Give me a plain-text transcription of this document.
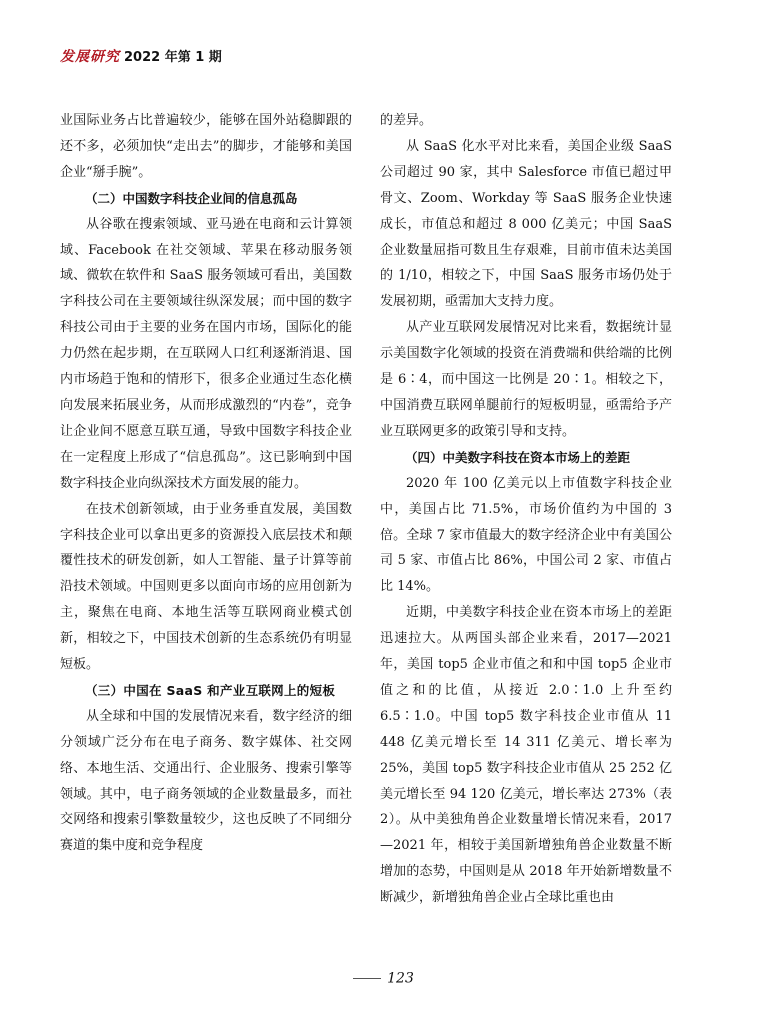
发展研究 2022 年第 1 期

业国际业务占比普遍较少，能够在国外站稳脚跟的还不多，必须加快“走出去”的脚步，才能够和美国企业“掰手腕”。

（二）中国数字科技企业间的信息孤岛

从谷歌在搜索领域、亚马逊在电商和云计算领域、Facebook 在社交领域、苹果在移动服务领域、微软在软件和 SaaS 服务领域可看出，美国数字科技公司在主要领域往纵深发展；而中国的数字科技公司由于主要的业务在国内市场，国际化的能力仍然在起步期，在互联网人口红利逐渐消退、国内市场趋于饱和的情形下，很多企业通过生态化横向发展来拓展业务，从而形成激烈的“内卷”，竞争让企业间不愿意互联互通，导致中国数字科技企业在一定程度上形成了“信息孤岛”。这已影响到中国数字科技企业向纵深技术方面发展的能力。

在技术创新领域，由于业务垂直发展，美国数字科技企业可以拿出更多的资源投入底层技术和颠覆性技术的研发创新，如人工智能、量子计算等前沿技术领域。中国则更多以面向市场的应用创新为主，聚焦在电商、本地生活等互联网商业模式创新，相较之下，中国技术创新的生态系统仍有明显短板。

（三）中国在 SaaS 和产业互联网上的短板

从全球和中国的发展情况来看，数字经济的细分领域广泛分布在电子商务、数字媒体、社交网络、本地生活、交通出行、企业服务、搜索引擎等领域。其中，电子商务领域的企业数量最多，而社交网络和搜索引擎数量较少，这也反映了不同细分赛道的集中度和竞争程度

的差异。

从 SaaS 化水平对比来看，美国企业级 SaaS 公司超过 90 家，其中 Salesforce 市值已超过甲骨文、Zoom、Workday 等 SaaS 服务企业快速成长，市值总和超过 8 000 亿美元；中国 SaaS 企业数量屈指可数且生存艰难，目前市值未达美国的 1/10，相较之下，中国 SaaS 服务市场仍处于发展初期，亟需加大支持力度。

从产业互联网发展情况对比来看，数据统计显示美国数字化领域的投资在消费端和供给端的比例是 6∶4，而中国这一比例是 20∶1。相较之下，中国消费互联网单腿前行的短板明显，亟需给予产业互联网更多的政策引导和支持。

（四）中美数字科技在资本市场上的差距

2020 年 100 亿美元以上市值数字科技企业中，美国占比 71.5%，市场价值约为中国的 3 倍。全球 7 家市值最大的数字经济企业中有美国公司 5 家、市值占比 86%，中国公司 2 家、市值占比 14%。

近期，中美数字科技企业在资本市场上的差距迅速拉大。从两国头部企业来看，2017—2021 年，美国 top5 企业市值之和和中国 top5 企业市值之和的比值，从接近 2.0∶1.0 上升至约 6.5∶1.0。中国 top5 数字科技企业市值从 11 448 亿美元增长至 14 311 亿美元、增长率为 25%，美国 top5 数字科技企业市值从 25 252 亿美元增长至 94 120 亿美元，增长率达 273%（表 2）。从中美独角兽企业数量增长情况来看，2017—2021 年，相较于美国新增独角兽企业数量不断增加的态势，中国则是从 2018 年开始新增数量不断减少，新增独角兽企业占全球比重也由

123
